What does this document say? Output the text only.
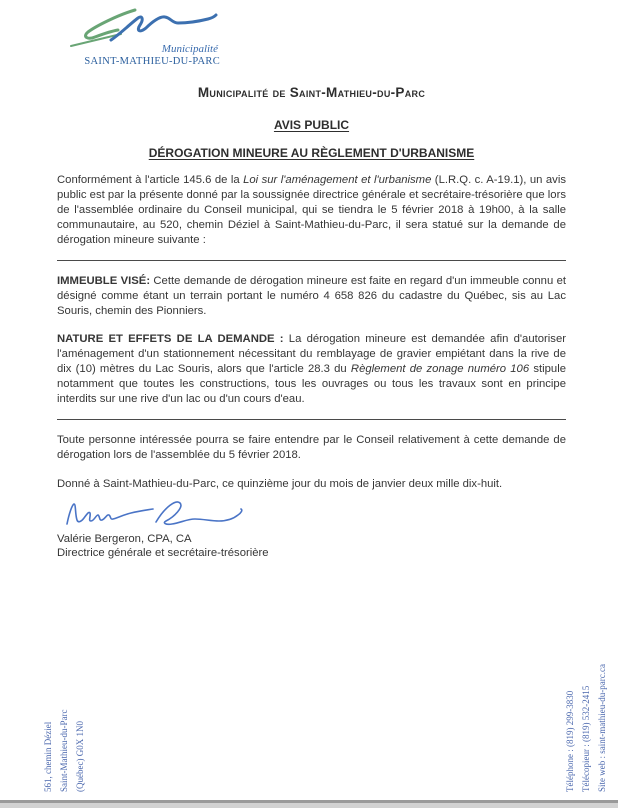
Municipalité
SAINT-MATHIEU-DU-PARC
Municipalité de Saint-Mathieu-du-Parc
AVIS PUBLIC
DÉROGATION MINEURE AU RÈGLEMENT D'URBANISME

Conformément à l'article 145.6 de la Loi sur l'aménagement et l'urbanisme (L.R.Q. c. A-19.1), un avis public est par la présente donné par la soussignée directrice générale et secrétaire-trésorière que lors de l'assemblée ordinaire du Conseil municipal, qui se tiendra le 5 février 2018 à 19h00, à la salle communautaire, au 520, chemin Déziel à Saint-Mathieu-du-Parc, il sera statué sur la demande de dérogation mineure suivante :

IMMEUBLE VISÉ: Cette demande de dérogation mineure est faite en regard d'un immeuble connu et désigné comme étant un terrain portant le numéro 4 658 826 du cadastre du Québec, sis au Lac Souris, chemin des Pionniers.

NATURE ET EFFETS DE LA DEMANDE : La dérogation mineure est demandée afin d'autoriser l'aménagement d'un stationnement nécessitant du remblayage de gravier empiétant dans la rive de dix (10) mètres du Lac Souris, alors que l'article 28.3 du Règlement de zonage numéro 106 stipule notamment que toutes les constructions, tous les ouvrages ou tous les travaux sont en principe interdits sur une rive d'un lac ou d'un cours d'eau.

Toute personne intéressée pourra se faire entendre par le Conseil relativement à cette demande de dérogation lors de l'assemblée du 5 février 2018.

Donné à Saint-Mathieu-du-Parc, ce quinzième jour du mois de janvier deux mille dix-huit.

Valérie Bergeron, CPA, CA

Directrice générale et secrétaire-trésorière

561, chemin Déziel Saint-Mathieu-du-Parc (Québec) G0X 1N0	Téléphone : (819) 299-3830 Télécopieur : (819) 532-2415 Site web : saint-mathieu-du-parc.ca
